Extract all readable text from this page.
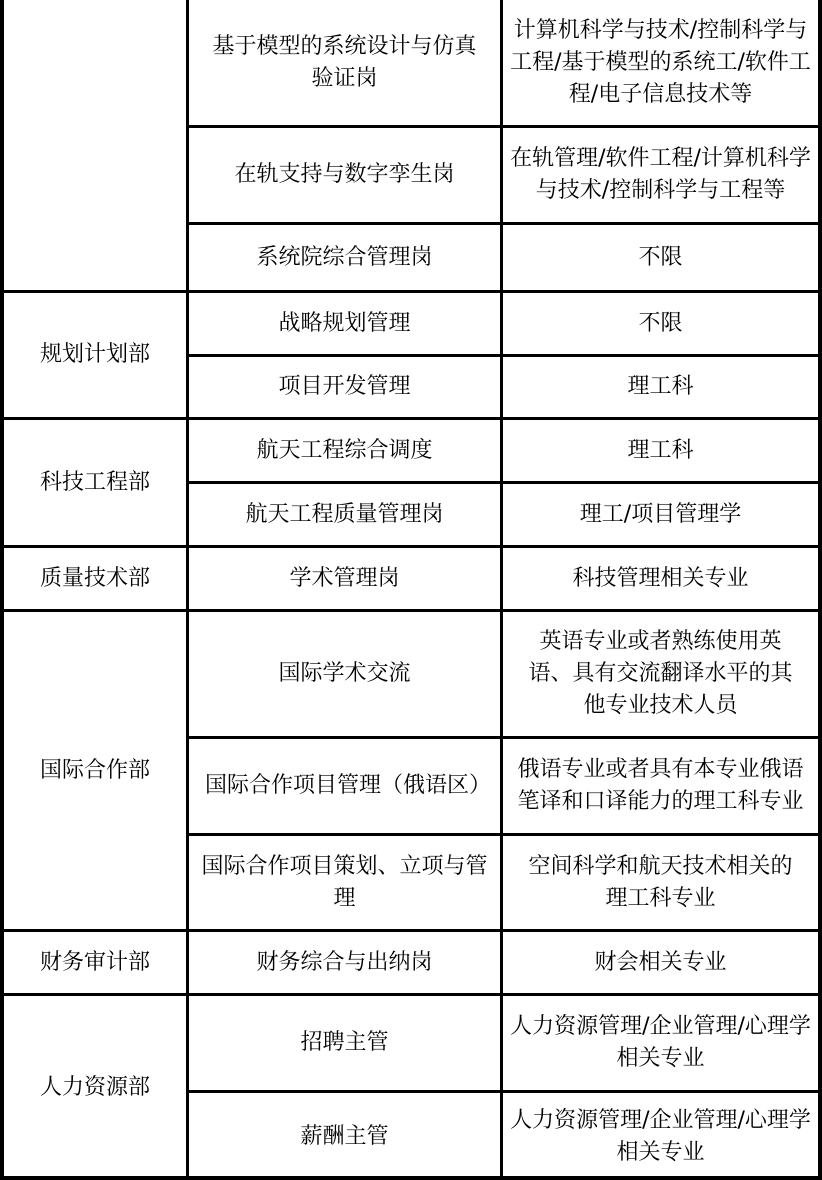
规划计划部
科技工程部
质量技术部
国际合作部
财务审计部
人力资源部
基于模型的系统设计与仿真验证岗
在轨支持与数字孪生岗
系统院综合管理岗
战略规划管理
项目开发管理
航天工程综合调度
航天工程质量管理岗
学术管理岗
国际学术交流
国际合作项目管理（俄语区）
国际合作项目策划、立项与管理
财务综合与出纳岗
招聘主管
薪酬主管
计算机科学与技术/控制科学与工程/基于模型的系统工/软件工程/电子信息技术等
在轨管理/软件工程/计算机科学与技术/控制科学与工程等
不限
不限
理工科
理工科
理工/项目管理学
科技管理相关专业
英语专业或者熟练使用英语、具有交流翻译水平的其他专业技术人员
俄语专业或者具有本专业俄语笔译和口译能力的理工科专业
空间科学和航天技术相关的理工科专业
财会相关专业
人力资源管理/企业管理/心理学相关专业
人力资源管理/企业管理/心理学相关专业
